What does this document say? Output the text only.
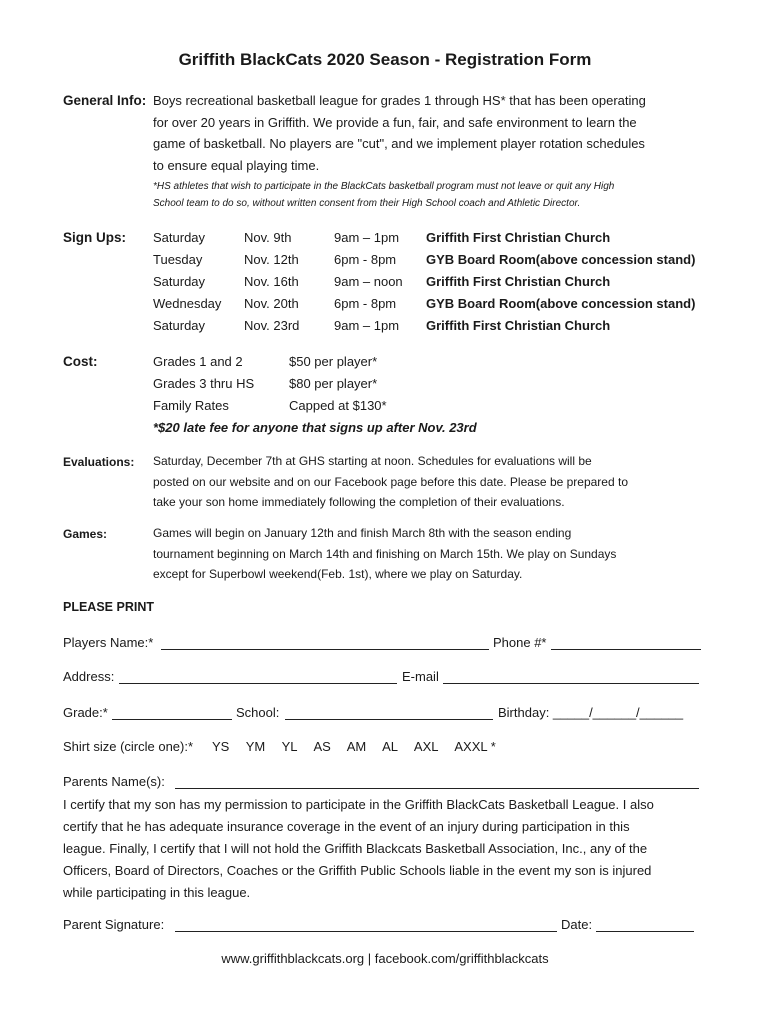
Griffith BlackCats 2020 Season - Registration Form
General Info: Boys recreational basketball league for grades 1 through HS* that has been operating
for over 20 years in Griffith. We provide a fun, fair, and safe environment to learn the
game of basketball. No players are "cut", and we implement player rotation schedules
to ensure equal playing time.
*HS athletes that wish to participate in the BlackCats basketball program must not leave or quit any High
School team to do so, without written consent from their High School coach and Athletic Director.
Sign Ups: Saturday	Nov. 9th	9am – 1pm Griffith First Christian Church
Tuesday	Nov. 12th	6pm - 8pm GYB Board Room(above concession stand)
Saturday	Nov. 16th	9am – noon Griffith First Christian Church
Wednesday Nov. 20th	6pm - 8pm GYB Board Room(above concession stand)
Saturday	Nov. 23rd	9am – 1pm Griffith First Christian Church
Cost:	Grades 1 and 2	$50 per player*
Grades 3 thru HS	$80 per player*
Family Rates	Capped at $130*
*$20 late fee for anyone that signs up after Nov. 23rd
Evaluations: Saturday, December 7th at GHS starting at noon. Schedules for evaluations will be
posted on our website and on our Facebook page before this date. Please be prepared to
take your son home immediately following the completion of their evaluations.
Games:	Games will begin on January 12th and finish March 8th with the season ending
tournament beginning on March 14th and finishing on March 15th. We play on Sundays
except for Superbowl weekend(Feb. 1st), where we play on Saturday.
PLEASE PRINT
Players Name:*	Phone #*
Address:	E-mail
Grade:*	School:	Birthday: _____/______/______
Shirt size (circle one):* YS YM YL AS AM AL AXL AXXL *
Parents Name(s):
I certify that my son has my permission to participate in the Griffith BlackCats Basketball League. I also
certify that he has adequate insurance coverage in the event of an injury during participation in this
league. Finally, I certify that I will not hold the Griffith Blackcats Basketball Association, Inc., any of the
Officers, Board of Directors, Coaches or the Griffith Public Schools liable in the event my son is injured
while participating in this league.
Parent Signature:	Date:
www.griffithblackcats.org | facebook.com/griffithblackcats
